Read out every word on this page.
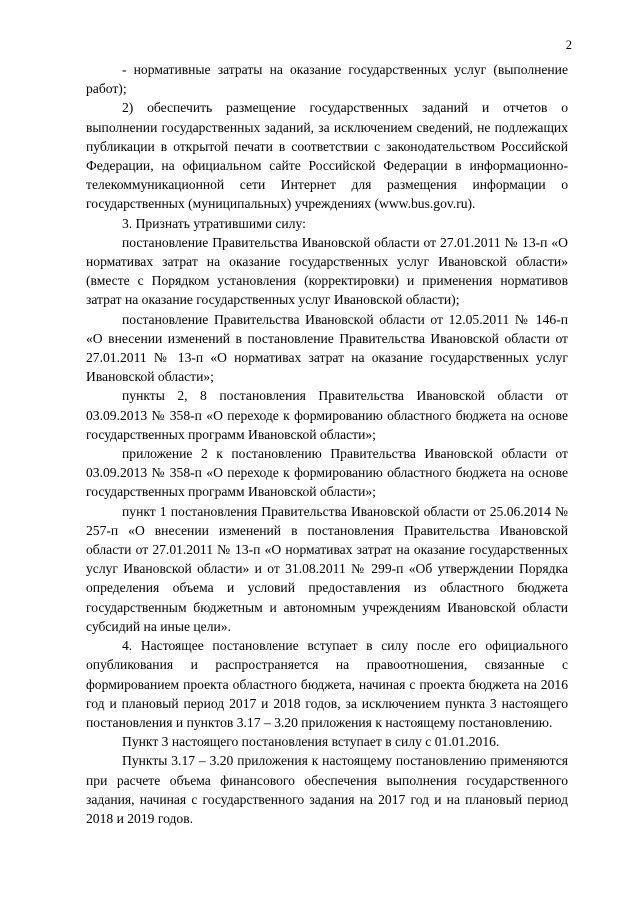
2

- нормативные затраты на оказание государственных услуг (выполнение работ);

2) обеспечить размещение государственных заданий и отчетов о выполнении государственных заданий, за исключением сведений, не подлежащих публикации в открытой печати в соответствии с законодательством Российской Федерации, на официальном сайте Российской Федерации в информационно-телекоммуникационной сети Интернет для размещения информации о государственных (муниципальных) учреждениях (www.bus.gov.ru).

3. Признать утратившими силу:

постановление Правительства Ивановской области от 27.01.2011 № 13-п «О нормативах затрат на оказание государственных услуг Ивановской области» (вместе с Порядком установления (корректировки) и применения нормативов затрат на оказание государственных услуг Ивановской области);

постановление Правительства Ивановской области от 12.05.2011 № 146-п «О внесении изменений в постановление Правительства Ивановской области от 27.01.2011 № 13-п «О нормативах затрат на оказание государственных услуг Ивановской области»;

пункты 2, 8 постановления Правительства Ивановской области от 03.09.2013 № 358-п «О переходе к формированию областного бюджета на основе государственных программ Ивановской области»;

приложение 2 к постановлению Правительства Ивановской области от 03.09.2013 № 358-п «О переходе к формированию областного бюджета на основе государственных программ Ивановской области»;

пункт 1 постановления Правительства Ивановской области от 25.06.2014 № 257-п «О внесении изменений в постановления Правительства Ивановской области от 27.01.2011 № 13-п «О нормативах затрат на оказание государственных услуг Ивановской области» и от 31.08.2011 № 299-п «Об утверждении Порядка определения объема и условий предоставления из областного бюджета государственным бюджетным и автономным учреждениям Ивановской области субсидий на иные цели».

4. Настоящее постановление вступает в силу после его официального опубликования и распространяется на правоотношения, связанные с формированием проекта областного бюджета, начиная с проекта бюджета на 2016 год и плановый период 2017 и 2018 годов, за исключением пункта 3 настоящего постановления и пунктов 3.17 – 3.20 приложения к настоящему постановлению.

Пункт 3 настоящего постановления вступает в силу с 01.01.2016.

Пункты 3.17 – 3.20 приложения к настоящему постановлению применяются при расчете объема финансового обеспечения выполнения государственного задания, начиная с государственного задания на 2017 год и на плановый период 2018 и 2019 годов.
